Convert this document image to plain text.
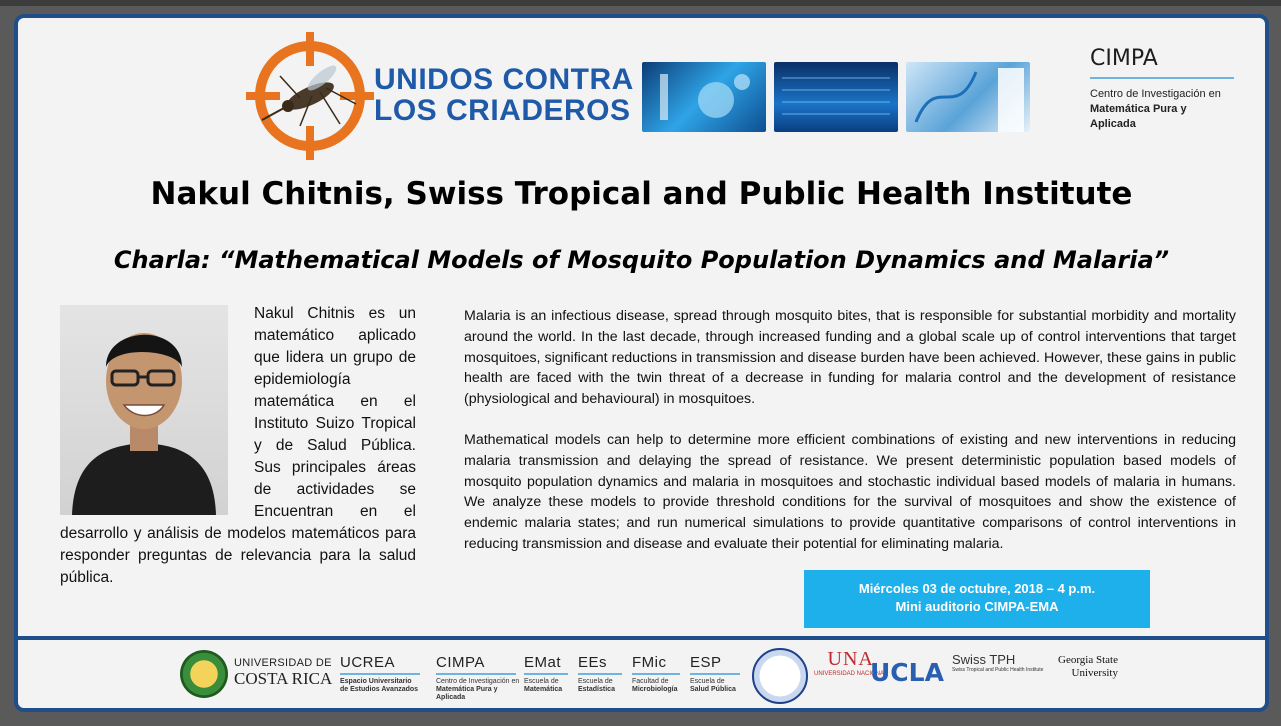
UNIDOS CONTRA
LOS CRIADEROS
CIMPA
Centro de Investigación en
Matemática Pura y
Aplicada
Nakul Chitnis, Swiss Tropical and Public Health Institute
Charla: “Mathematical Models of Mosquito Population Dynamics and Malaria”
Nakul Chitnis es un matemático aplicado que lidera un grupo de epidemiología matemática en el Instituto Suizo Tropical y de Salud Pública. Sus principales áreas de actividades se Encuentran en el desarrollo y análisis de modelos matemáticos para responder preguntas de relevancia para la salud pública.

Malaria is an infectious disease, spread through mosquito bites, that is responsible for substantial morbidity and mortality around the world. In the last decade, through increased funding and a global scale up of control interventions that target mosquitoes, significant reductions in transmission and disease burden have been achieved. However, these gains in public health are faced with the twin threat of a decrease in funding for malaria control and the development of resistance (physiological and behavioural) in mosquitoes.

Mathematical models can help to determine more efficient combinations of existing and new interventions in reducing malaria transmission and delaying the spread of resistance. We present deterministic population based models of mosquito population dynamics and malaria in mosquitoes and stochastic individual based models of malaria in humans. We analyze these models to provide threshold conditions for the survival of mosquitoes and show the existence of endemic malaria states; and run numerical simulations to provide quantitative comparisons of control interventions in reducing transmission and disease and evaluate their potential for eliminating malaria.

Miércoles 03 de octubre, 2018 – 4 p.m.
Mini auditorio CIMPA-EMA
UNIVERSIDAD DE
COSTA RICA
UCREA
Espacio Universitario
de Estudios Avanzados
CIMPA
Centro de Investigación en
Matemática Pura y
Aplicada
EMat
Escuela de
Matemática
EEs
Escuela de
Estadística
FMic
Facultad de
Microbiología
ESP
Escuela de
Salud Pública
UNA
UNIVERSIDAD NACIONAL
UCLA Swiss TPH
Swiss Tropical and Public Health Institute
Georgia State
University
